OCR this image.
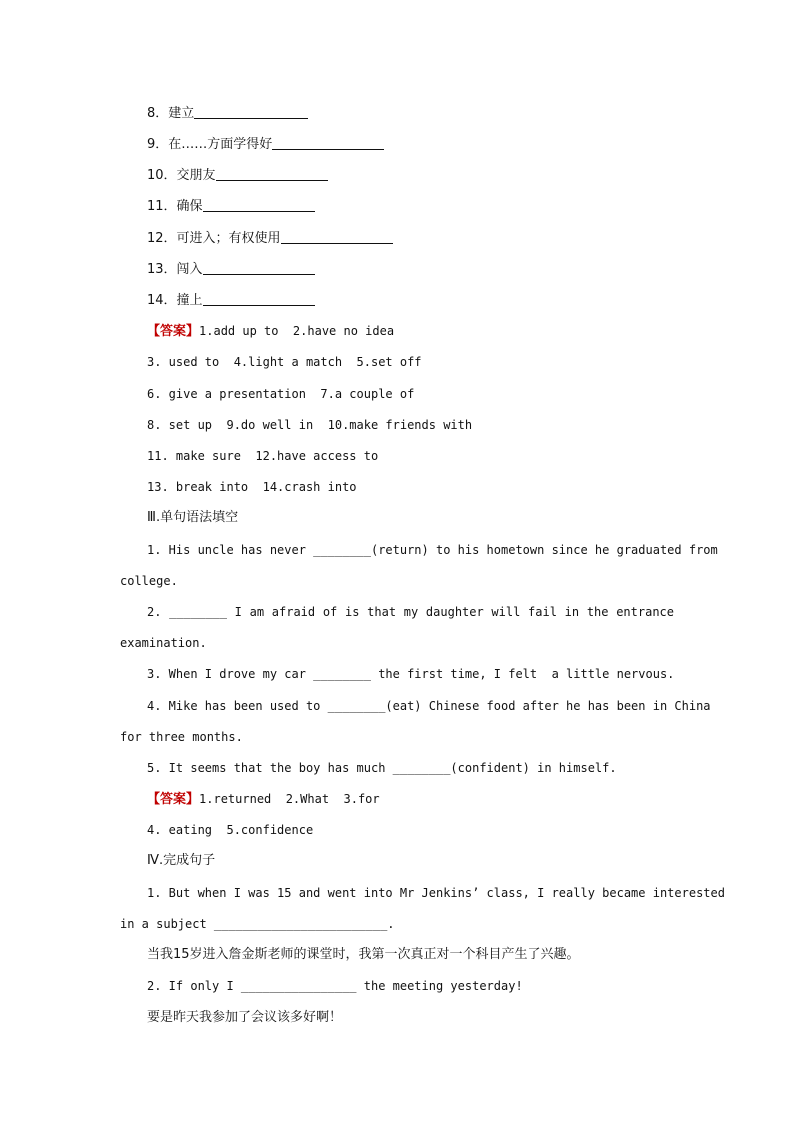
8．建立
9．在……方面学得好
10．交朋友
11．确保
12．可进入；有权使用
13．闯入
14．撞上
【答案】1.add up to  2.have no idea
3. used to  4.light a match  5.set off
6. give a presentation  7.a couple of
8. set up  9.do well in  10.make friends with
11. make sure  12.have access to
13. break into  14.crash into
Ⅲ.单句语法填空
1. His uncle has never ________(return) to his hometown since he graduated from
college.
2. ________ I am afraid of is that my daughter will fail in the entrance
examination.
3. When I drove my car ________ the first time, I felt  a little nervous.
4. Mike has been used to ________(eat) Chinese food after he has been in China
for three months.
5. It seems that the boy has much ________(confident) in himself.
【答案】1.returned  2.What  3.for
4. eating  5.confidence
Ⅳ.完成句子
1. But when I was 15 and went into Mr Jenkins’ class, I really became interested
in a subject ________________________.
当我15岁进入詹金斯老师的课堂时，我第一次真正对一个科目产生了兴趣。
2. If only I ________________ the meeting yesterday!
要是昨天我参加了会议该多好啊！
